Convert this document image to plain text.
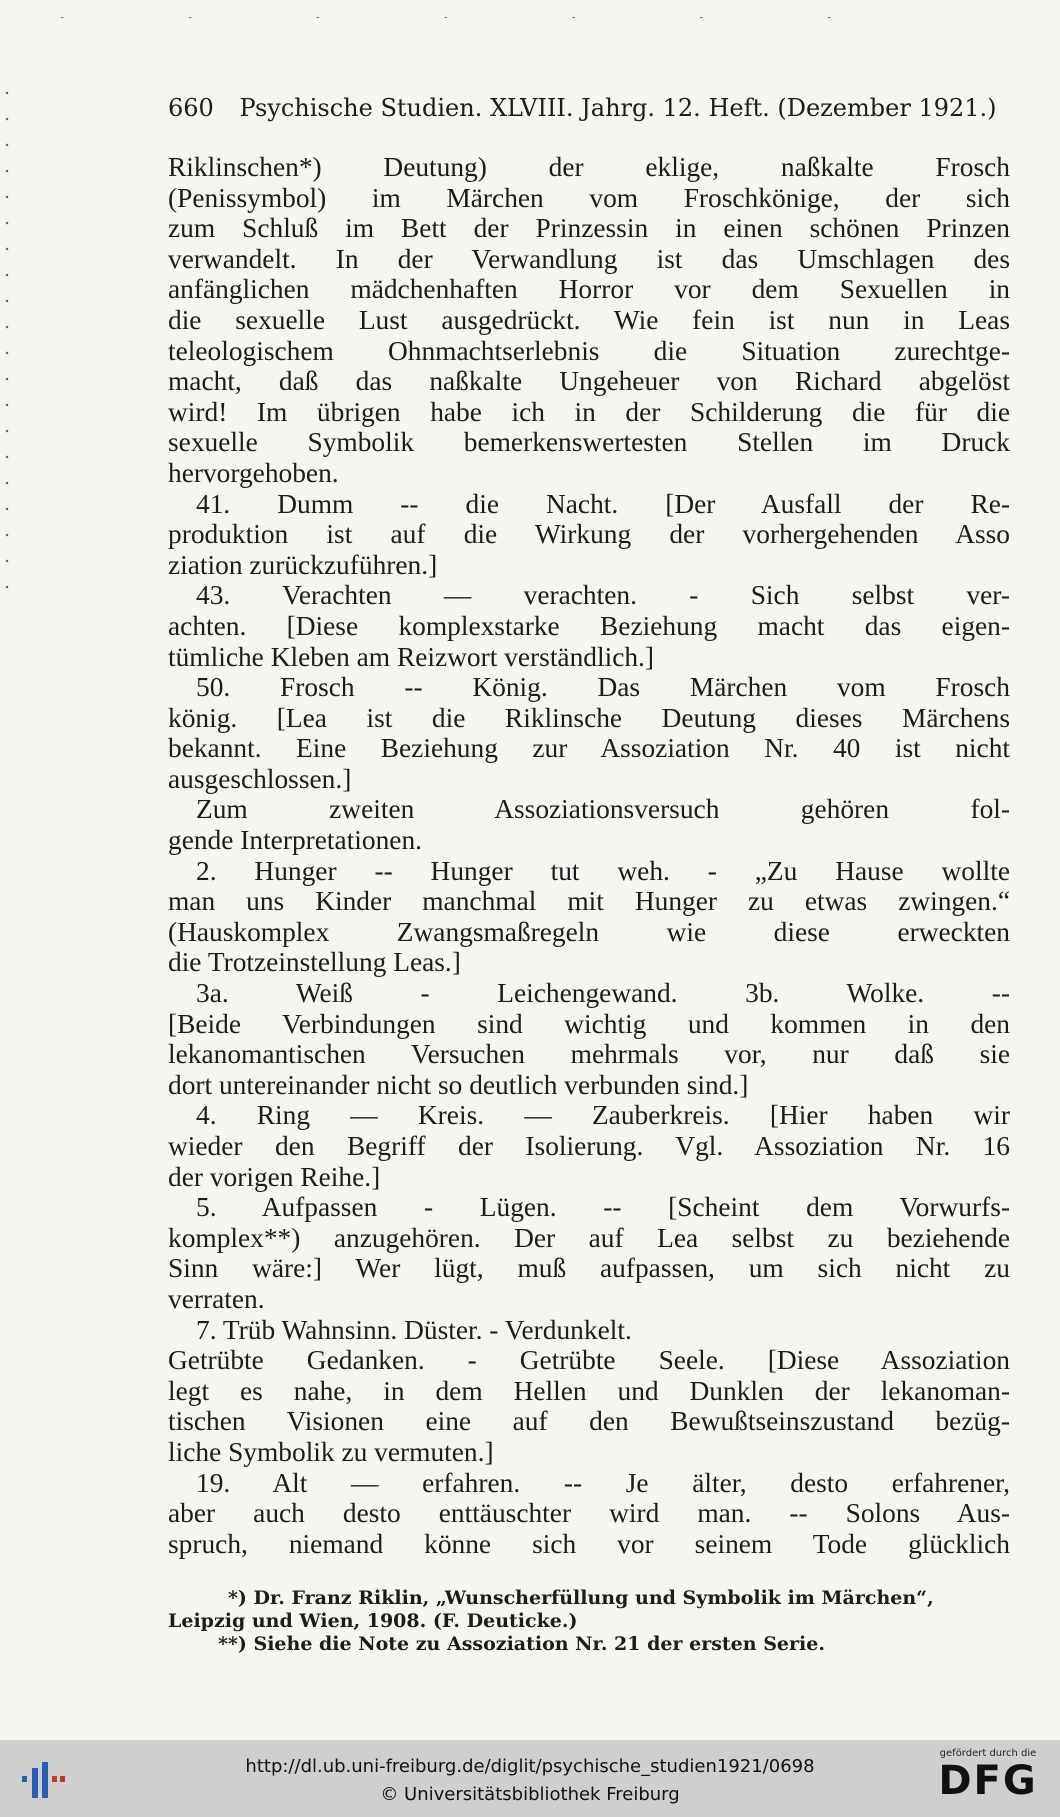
- - - - - - -
660 Psychische Studien. XLVIII. Jahrg. 12. Heft. (Dezember 1921.)
Riklinschen*) Deutung) der eklige, naßkalte Frosch
(Penissymbol) im Märchen vom Froschkönige, der sich
zum Schluß im Bett der Prinzessin in einen schönen Prinzen
verwandelt. In der Verwandlung ist das Umschlagen des
anfänglichen mädchenhaften Horror vor dem Sexuellen in
die sexuelle Lust ausgedrückt. Wie fein ist nun in Leas
teleologischem Ohnmachtserlebnis die Situation zurechtge-
macht, daß das naßkalte Ungeheuer von Richard abgelöst
wird! Im übrigen habe ich in der Schilderung die für die
sexuelle Symbolik bemerkenswertesten Stellen im Druck
hervorgehoben.
41. Dumm -- die Nacht. [Der Ausfall der Re-
produktion ist auf die Wirkung der vorhergehenden Asso
ziation zurückzuführen.]
43. Verachten — verachten. - Sich selbst ver-
achten. [Diese komplexstarke Beziehung macht das eigen-
tümliche Kleben am Reizwort verständlich.]
50. Frosch -- König. Das Märchen vom Frosch
könig. [Lea ist die Riklinsche Deutung dieses Märchens
bekannt. Eine Beziehung zur Assoziation Nr. 40 ist nicht
ausgeschlossen.]
Zum zweiten Assoziationsversuch gehören fol-
gende Interpretationen.
2. Hunger -- Hunger tut weh. - „Zu Hause wollte
man uns Kinder manchmal mit Hunger zu etwas zwingen.“
(Hauskomplex Zwangsmaßregeln wie diese erweckten
die Trotzeinstellung Leas.]
3a. Weiß - Leichengewand. 3b. Wolke. --
[Beide Verbindungen sind wichtig und kommen in den
lekanomantischen Versuchen mehrmals vor, nur daß sie
dort untereinander nicht so deutlich verbunden sind.]
4. Ring — Kreis. — Zauberkreis. [Hier haben wir
wieder den Begriff der Isolierung. Vgl. Assoziation Nr. 16
der vorigen Reihe.]
5. Aufpassen - Lügen. -- [Scheint dem Vorwurfs-
komplex**) anzugehören. Der auf Lea selbst zu beziehende
Sinn wäre:] Wer lügt, muß aufpassen, um sich nicht zu
verraten.
7. Trüb Wahnsinn. Düster. - Verdunkelt.
Getrübte Gedanken. - Getrübte Seele. [Diese Assoziation
legt es nahe, in dem Hellen und Dunklen der lekanoman-
tischen Visionen eine auf den Bewußtseinszustand bezüg-
liche Symbolik zu vermuten.]
19. Alt — erfahren. -- Je älter, desto erfahrener,
aber auch desto enttäuschter wird man. -- Solons Aus-
spruch, niemand könne sich vor seinem Tode glücklich
*) Dr. Franz Riklin, „Wunscherfüllung und Symbolik im Märchen“,
Leipzig und Wien, 1908. (F. Deuticke.)
**) Siehe die Note zu Assoziation Nr. 21 der ersten Serie.
http://dl.ub.uni-freiburg.de/diglit/psychische_studien1921/0698
© Universitätsbibliothek Freiburg
gefördert durch die
DFG
